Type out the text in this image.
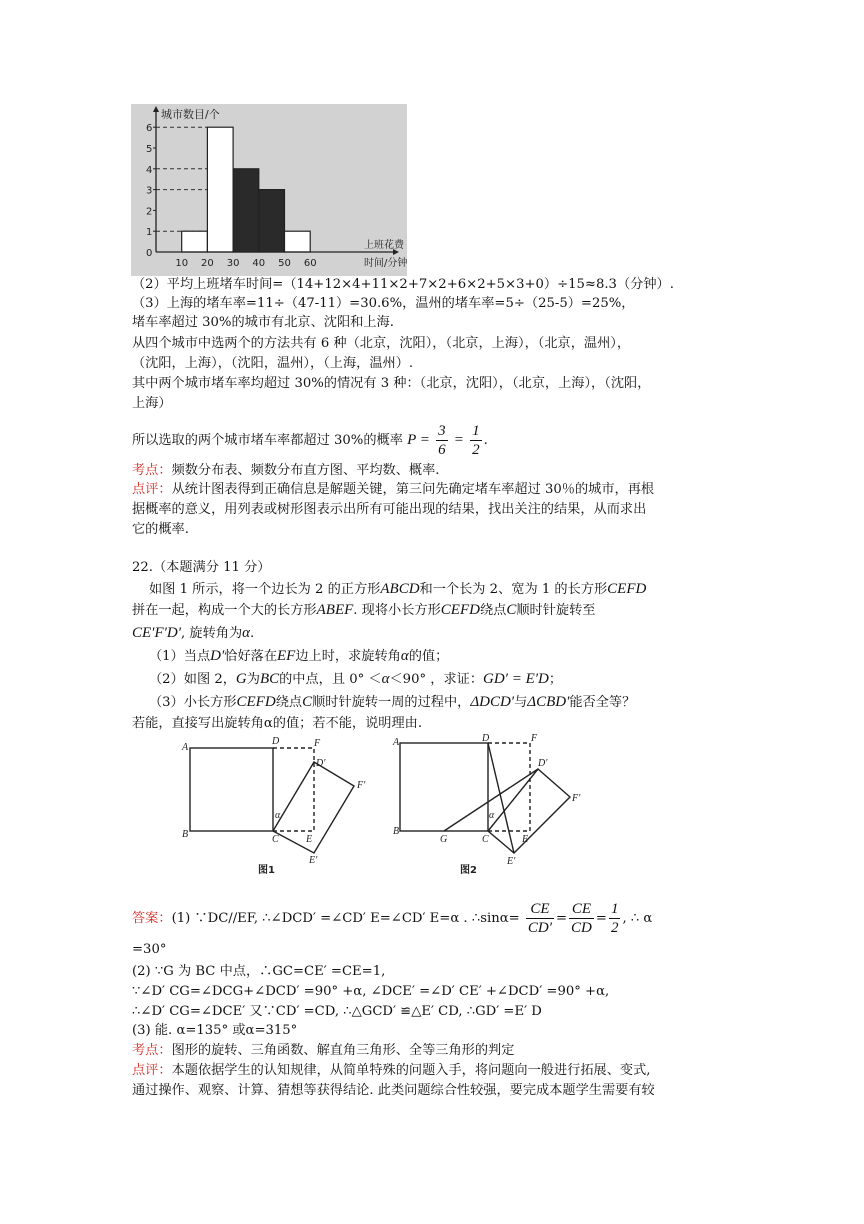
1
2
3
4
5
6
0
10 20 30 40 50 60
城市数目/个
上班花费
时间/分钟
（2）平均上班堵车时间=（14+12×4+11×2+7×2+6×2+5×3+0）÷15≈8.3（分钟）.
（3）上海的堵车率=11÷（47-11）=30.6%，温州的堵车率=5÷（25-5）=25%，
堵车率超过 30%的城市有北京、沈阳和上海.
从四个城市中选两个的方法共有 6 种（北京，沈阳），（北京，上海），（北京，温州），
（沈阳，上海），（沈阳，温州），（上海，温州）.
其中两个城市堵车率均超过 30%的情况有 3 种：（北京，沈阳），（北京，上海），（沈阳，
上海）
所以选取的两个城市堵车率都超过 30%的概率 $P = \frac{3}{6} = \frac{1}{2}$ .
考点：频数分布表、频数分布直方图、平均数、概率.
点评：从统计图表得到正确信息是解题关键，第三问先确定堵车率超过 30％的城市，再根
据概率的意义，用列表或树形图表示出所有可能出现的结果，找出关注的结果，从而求出
它的概率.
22.（本题满分 11 分）
如图 1 所示，将一个边长为 2 的正方形ABCD和一个长为 2、宽为 1 的长方形CEFD
拼在一起，构成一个大的长方形ABEF. 现将小长方形CEFD绕点C顺时针旋转至
CE′F′D′, 旋转角为α.
（1）当点D′恰好落在EF边上时，求旋转角α的值；
（2）如图 2，G为BC的中点，且 0° ＜α＜90° ，求证：GD′ = E′D；
（3）小长方形CEFD绕点C顺时针旋转一周的过程中，ΔDCD′与ΔCBD′能否全等？
若能，直接写出旋转角α的值；若不能，说明理由.
A
B
D	F
D′
F′
C	E
E′
α
图1
A
B
D	F
D′
F′
G	C	E
E′
α
图2
答案：(1) ∵DC//EF, ∴∠DCD′ =∠CD′ E=∠CD′ E=α . ∴sinα= $\frac{CE}{CD'} = \frac{CE}{CD} = \frac{1}{2}$ , ∴ α
=30°
(2) ∵G 为 BC 中点，∴GC=CE′ =CE=1,
∵∠D′ CG=∠DCG+∠DCD′ =90° +α, ∠DCE′ =∠D′ CE′ +∠DCD′ =90° +α,
∴∠D′ CG=∠DCE′ 又∵CD′ =CD, ∴△GCD′ ≌△E′ CD, ∴GD′ =E′ D
(3) 能. α=135° 或α=315°
考点：图形的旋转、三角函数、解直角三角形、全等三角形的判定
点评：本题依据学生的认知规律，从简单特殊的问题入手，将问题向一般进行拓展、变式,
通过操作、观察、计算、猜想等获得结论. 此类问题综合性较强，要完成本题学生需要有较
